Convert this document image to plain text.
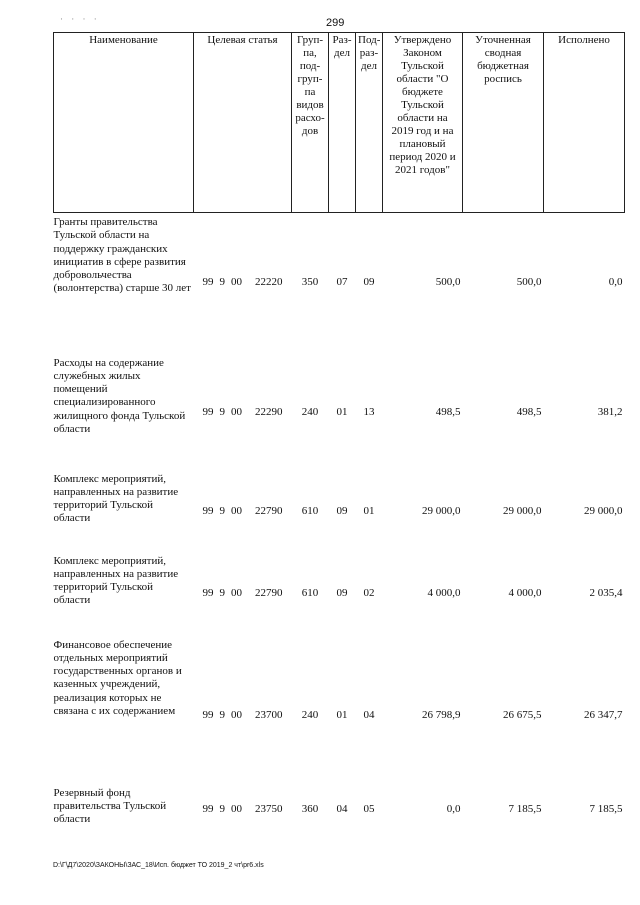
· · · ·	299
Наименование	Целевая статья	Груп-па, под-груп-па видов расхо-дов	Раз-дел	Под-раз-дел	Утверждено Законом Тульской области "О бюджете Тульской области на 2019 год и на плановый период 2020 и 2021 годов"	Уточненная сводная бюджетная роспись	Исполнено
Гранты правительства Тульской области на поддержку гражданских инициатив в сфере развития добровольчества (волонтерства) старше 30 лет	99 9 00 22220	350	07	09	500,0	500,0	0,0
Расходы на содержание служебных жилых помещений специализированного жилищного фонда Тульской области	99 9 00 22290	240	01	13	498,5	498,5	381,2
Комплекс мероприятий, направленных на развитие территорий Тульской области	99 9 00 22790	610	09	01	29 000,0	29 000,0	29 000,0
Комплекс мероприятий, направленных на развитие территорий Тульской области	99 9 00 22790	610	09	02	4 000,0	4 000,0	2 035,4
Финансовое обеспечение отдельных мероприятий государственных органов и казенных учреждений, реализация которых не связана с их содержанием	99 9 00 23700	240	01	04	26 798,9	26 675,5	26 347,7
Резервный фонд правительства Тульской области	99 9 00 23750	360	04	05	0,0	7 185,5	7 185,5
D:\Г\Д7\2020\ЗАКОНЫ\ЗАС_18\Исп. бюджет ТО 2019_2 чт\pr6.xls
